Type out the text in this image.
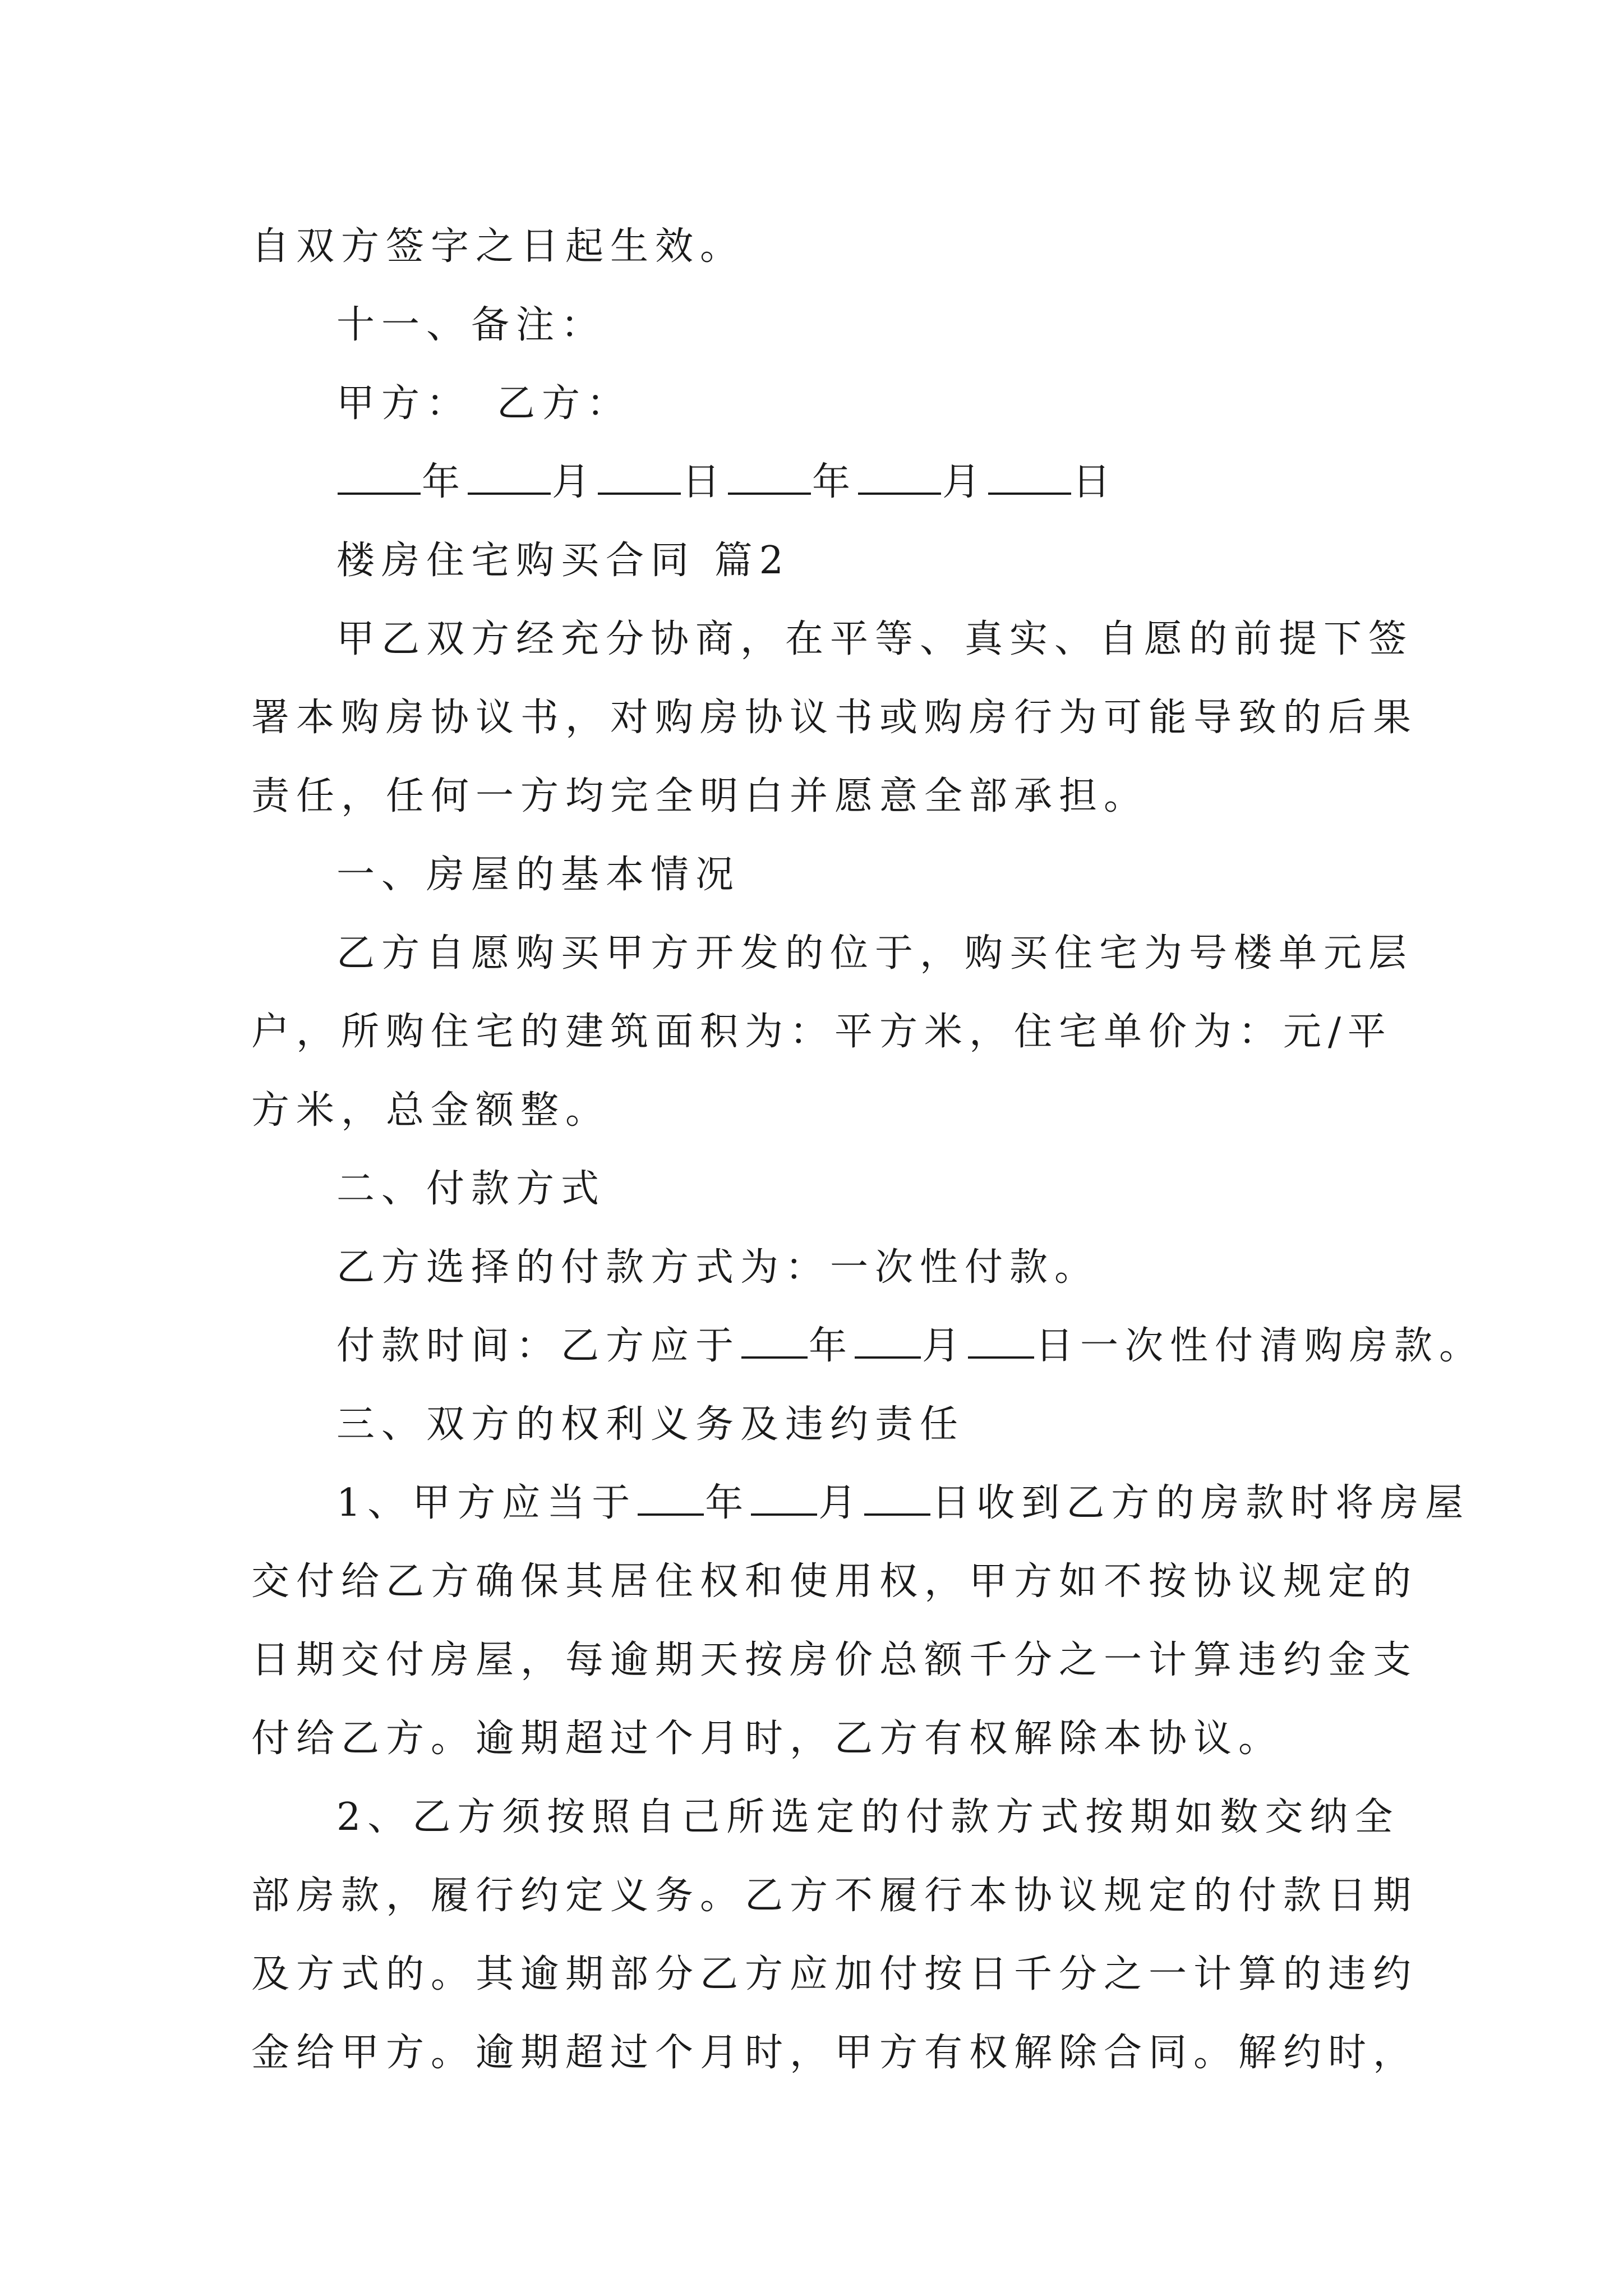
自双方签字之日起生效。
十一、备注：
甲方：　乙方：
年 月 日 年 月 日
楼房住宅购买合同 篇2
甲乙双方经充分协商，在平等、真实、自愿的前提下签
署本购房协议书，对购房协议书或购房行为可能导致的后果
责任，任何一方均完全明白并愿意全部承担。
一、房屋的基本情况
乙方自愿购买甲方开发的位于，购买住宅为号楼单元层
户，所购住宅的建筑面积为：平方米，住宅单价为：元/平
方米，总金额整。
二、付款方式
乙方选择的付款方式为：一次性付款。
付款时间：乙方应于 年 月 日一次性付清购房款。
三、双方的权利义务及违约责任
1、甲方应当于 年 月 日收到乙方的房款时将房屋
交付给乙方确保其居住权和使用权，甲方如不按协议规定的
日期交付房屋，每逾期天按房价总额千分之一计算违约金支
付给乙方。逾期超过个月时，乙方有权解除本协议。
2、乙方须按照自己所选定的付款方式按期如数交纳全
部房款，履行约定义务。乙方不履行本协议规定的付款日期
及方式的。其逾期部分乙方应加付按日千分之一计算的违约
金给甲方。逾期超过个月时，甲方有权解除合同。解约时，
